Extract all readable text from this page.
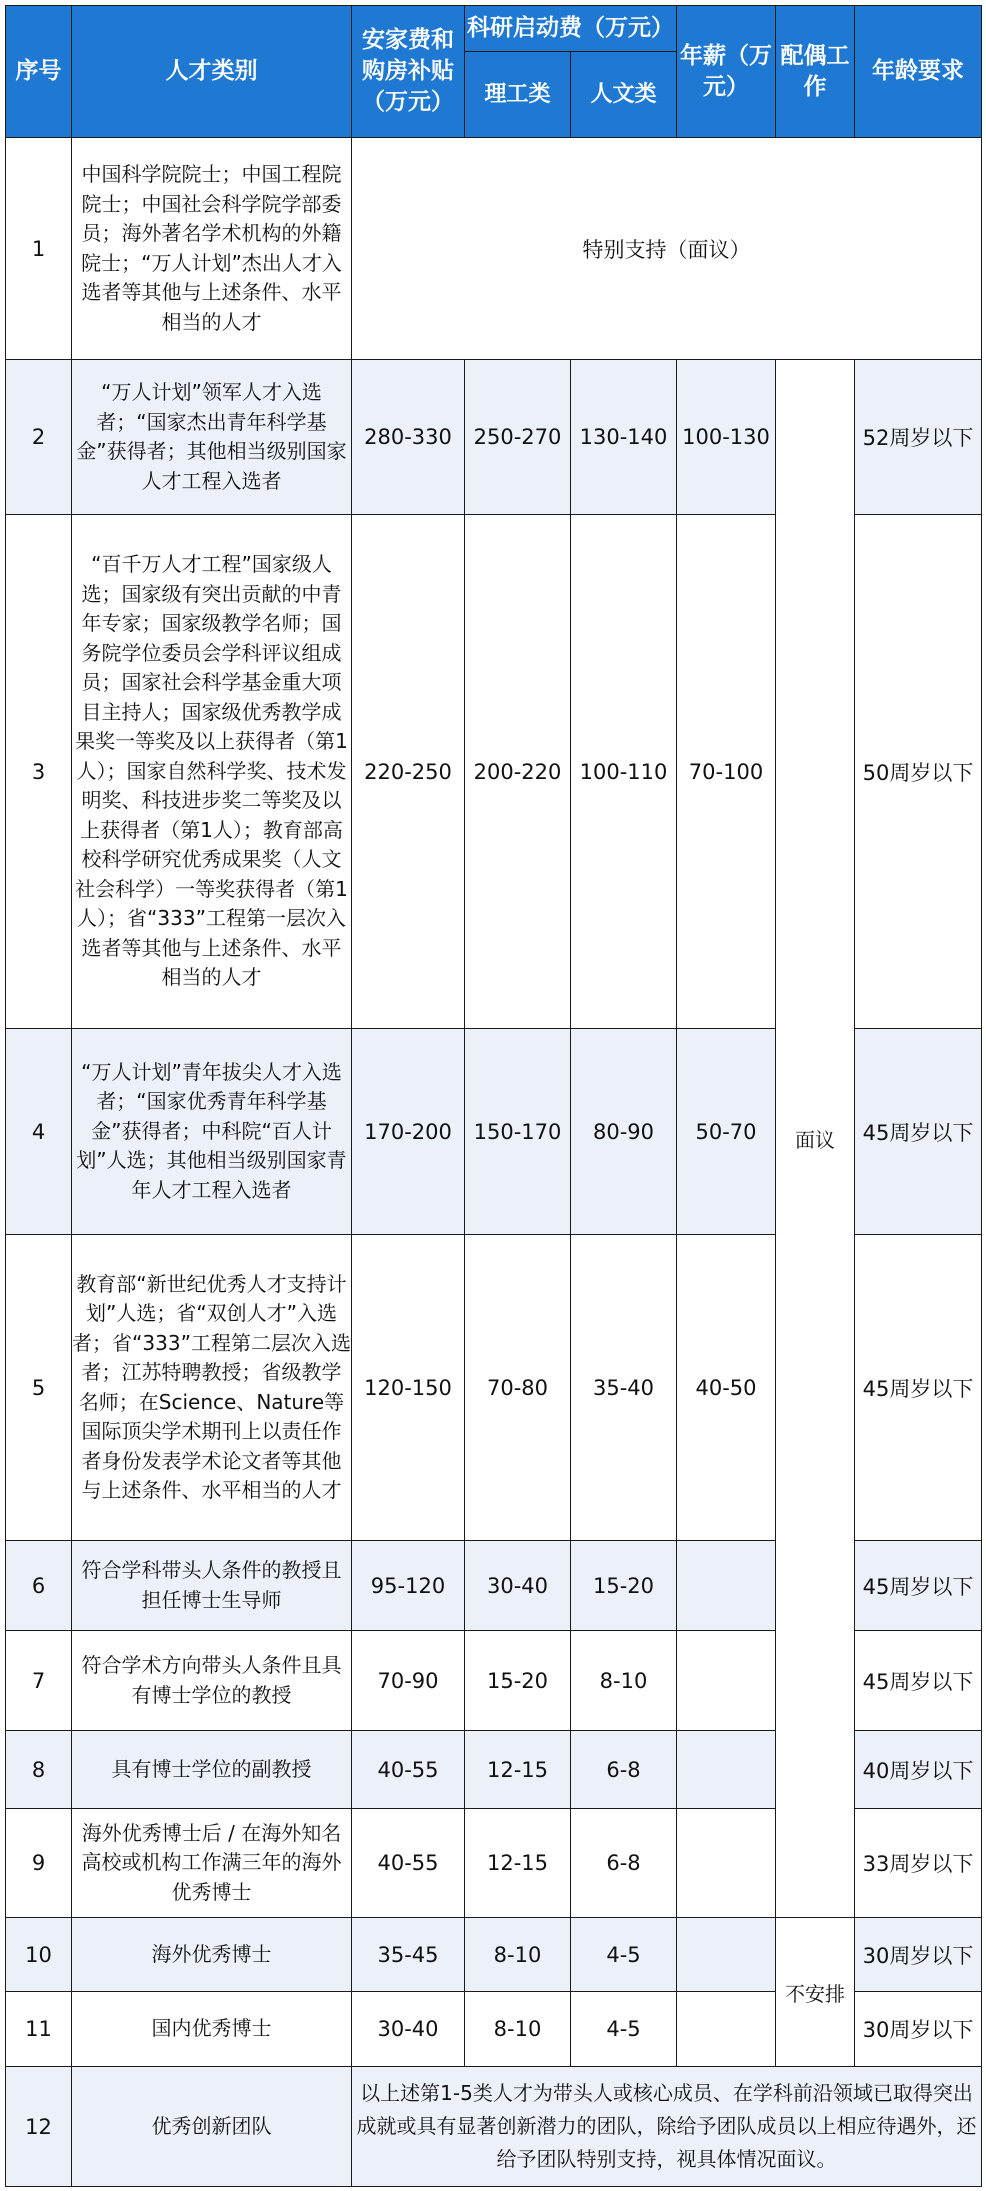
序号	人才类别	安家费和购房补贴（万元）	科研启动费（万元）		年薪（万元）	配偶工作	年龄要求
			理工类	人文类			
1	中国科学院院士；中国工程院院士；中国社会科学院学部委员；海外著名学术机构的外籍院士；“万人计划”杰出人才入选者等其他与上述条件、水平相当的人才	特别支持（面议）					
2	“万人计划”领军人才入选者；“国家杰出青年科学基金”获得者；其他相当级别国家人才工程入选者	280-330	250-270	130-140	100-130	面议	52周岁以下
3	“百千万人才工程”国家级人选；国家级有突出贡献的中青年专家；国家级教学名师；国务院学位委员会学科评议组成员；国家社会科学基金重大项目主持人；国家级优秀教学成果奖一等奖及以上获得者（第1人）；国家自然科学奖、技术发明奖、科技进步奖二等奖及以上获得者（第1人）；教育部高校科学研究优秀成果奖（人文社会科学）一等奖获得者（第1人）；省“333”工程第一层次入选者等其他与上述条件、水平相当的人才	220-250	200-220	100-110	70-100		50周岁以下
4	“万人计划”青年拔尖人才入选者；“国家优秀青年科学基金”获得者；中科院“百人计划”人选；其他相当级别国家青年人才工程入选者	170-200	150-170	80-90	50-70		45周岁以下
5	教育部“新世纪优秀人才支持计划”人选；省“双创人才”入选者；省“333”工程第二层次入选者；江苏特聘教授；省级教学名师；在Science、Nature等国际顶尖学术期刊上以责任作者身份发表学术论文者等其他与上述条件、水平相当的人才	120-150	70-80	35-40	40-50		45周岁以下
6	符合学科带头人条件的教授且担任博士生导师	95-120	30-40	15-20			45周岁以下
7	符合学术方向带头人条件且具有博士学位的教授	70-90	15-20	8-10			45周岁以下
8	具有博士学位的副教授	40-55	12-15	6-8			40周岁以下
9	海外优秀博士后 / 在海外知名高校或机构工作满三年的海外优秀博士	40-55	12-15	6-8			33周岁以下
10	海外优秀博士	35-45	8-10	4-5		不安排	30周岁以下
11	国内优秀博士	30-40	8-10	4-5			30周岁以下
12	优秀创新团队	以上述第1-5类人才为带头人或核心成员、在学科前沿领域已取得突出成就或具有显著创新潜力的团队，除给予团队成员以上相应待遇外，还给予团队特别支持，视具体情况面议。					
